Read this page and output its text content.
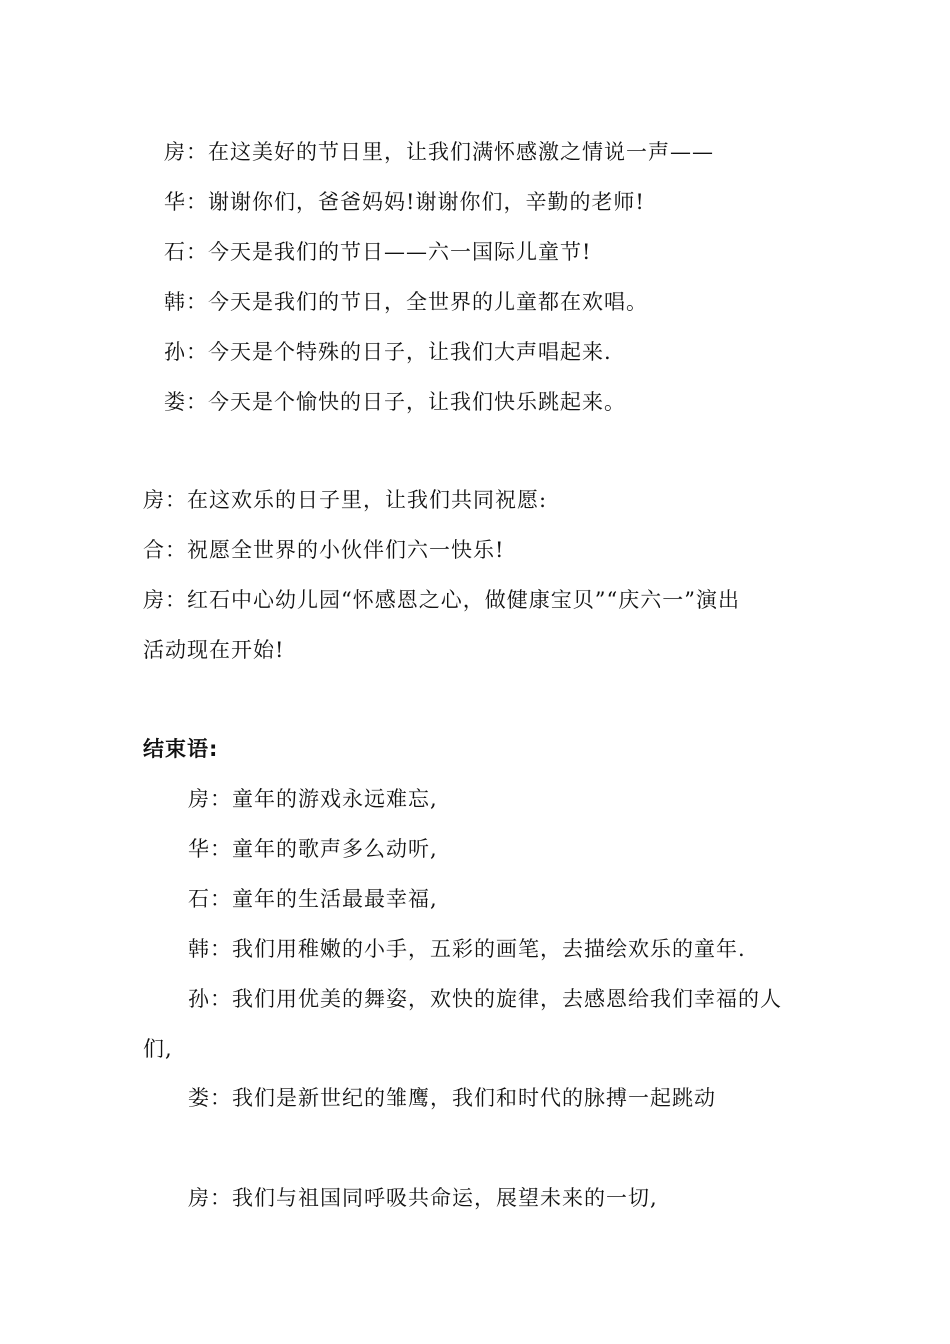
房：在这美好的节日里，让我们满怀感激之情说一声——
华：谢谢你们，爸爸妈妈!谢谢你们，辛勤的老师!
石：今天是我们的节日——六一国际儿童节!
韩：今天是我们的节日，全世界的儿童都在欢唱。
孙：今天是个特殊的日子，让我们大声唱起来.
娄：今天是个愉快的日子，让我们快乐跳起来。
房：在这欢乐的日子里，让我们共同祝愿:
合：祝愿全世界的小伙伴们六一快乐!
房：红石中心幼儿园“怀感恩之心，做健康宝贝”“庆六一”演出
活动现在开始!
结束语:
房：童年的游戏永远难忘,
华：童年的歌声多么动听,
石：童年的生活最最幸福,
韩：我们用稚嫩的小手，五彩的画笔，去描绘欢乐的童年.
孙：我们用优美的舞姿，欢快的旋律，去感恩给我们幸福的人
们,
娄：我们是新世纪的雏鹰，我们和时代的脉搏一起跳动
房：我们与祖国同呼吸共命运，展望未来的一切,
